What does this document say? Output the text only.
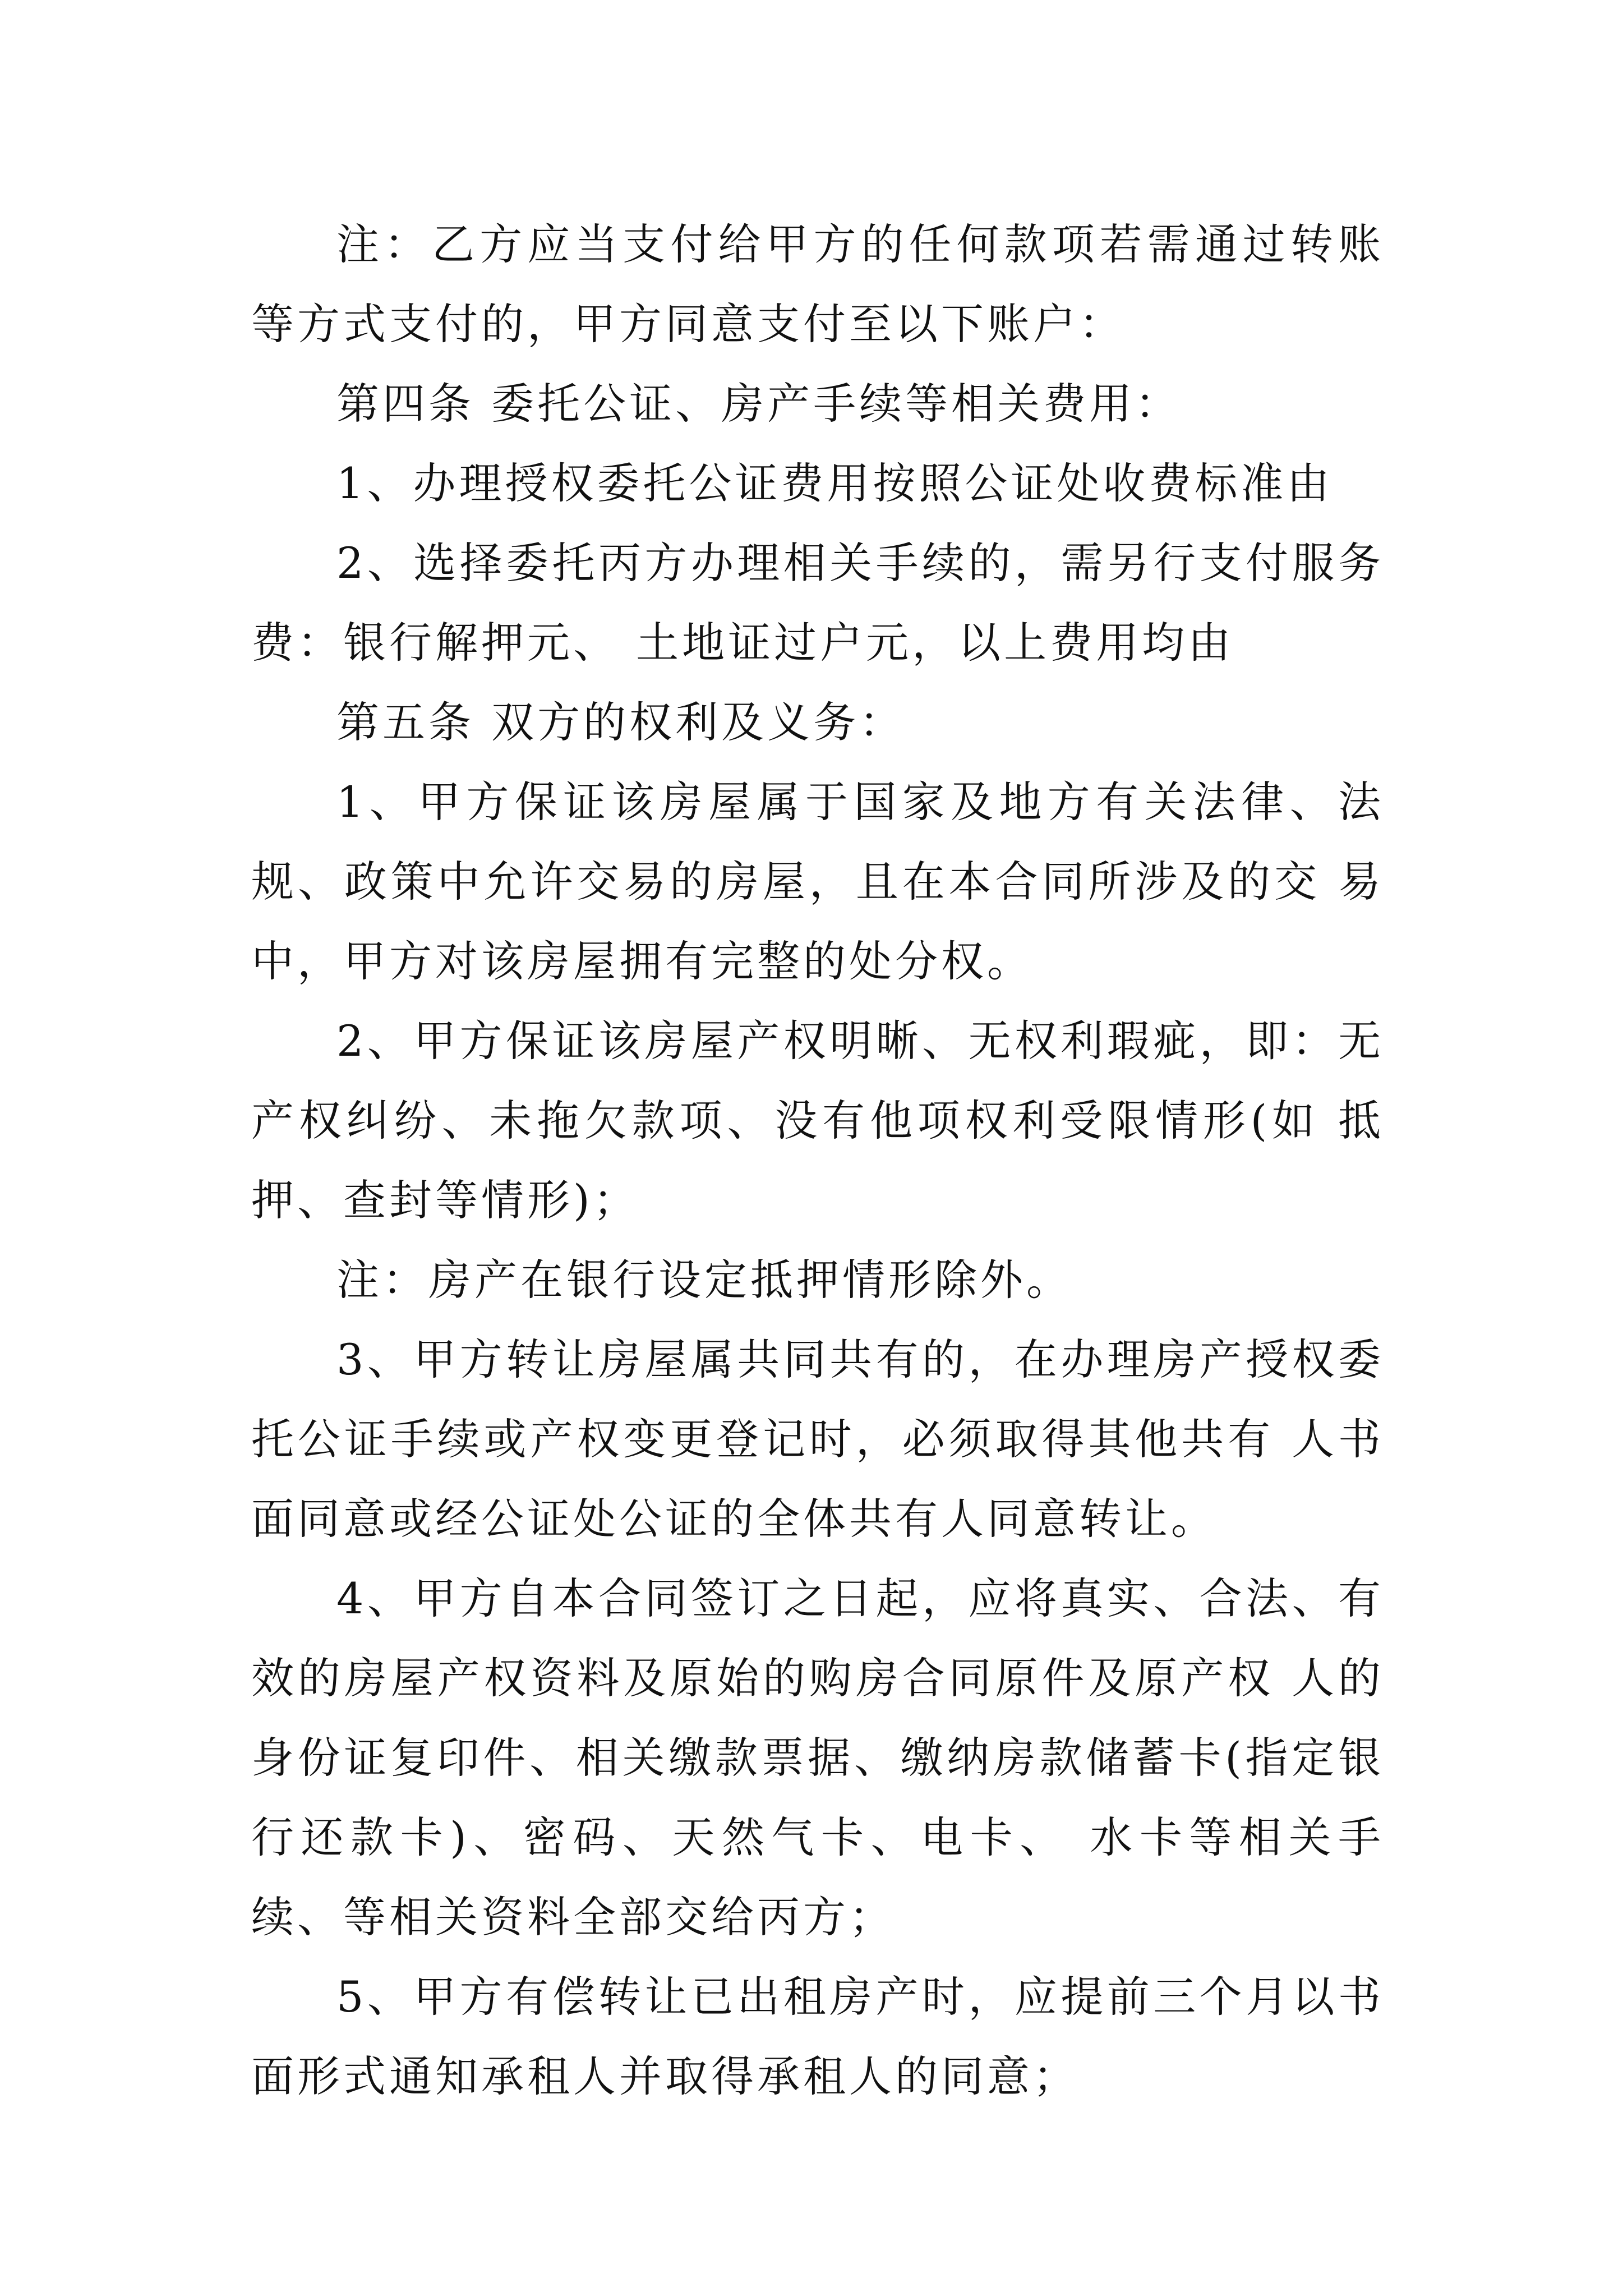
注：乙方应当支付给甲方的任何款项若需通过转账等方式支付的，甲方同意支付至以下账户：

第四条 委托公证、房产手续等相关费用：

1、办理授权委托公证费用按照公证处收费标准由

2、选择委托丙方办理相关手续的，需另行支付服务费：银行解押元、 土地证过户元，以上费用均由

第五条 双方的权利及义务：

1、甲方保证该房屋属于国家及地方有关法律、法规、政策中允许交易的房屋，且在本合同所涉及的交 易中，甲方对该房屋拥有完整的处分权。

2、甲方保证该房屋产权明晰、无权利瑕疵，即：无产权纠纷、未拖欠款项、没有他项权利受限情形(如 抵押、查封等情形)；

注：房产在银行设定抵押情形除外。

3、甲方转让房屋属共同共有的，在办理房产授权委托公证手续或产权变更登记时，必须取得其他共有 人书面同意或经公证处公证的全体共有人同意转让。

4、甲方自本合同签订之日起，应将真实、合法、有效的房屋产权资料及原始的购房合同原件及原产权 人的身份证复印件、相关缴款票据、缴纳房款储蓄卡(指定银行还款卡)、密码、天然气卡、电卡、 水卡等相关手续、等相关资料全部交给丙方；

5、甲方有偿转让已出租房产时，应提前三个月以书面形式通知承租人并取得承租人的同意；
